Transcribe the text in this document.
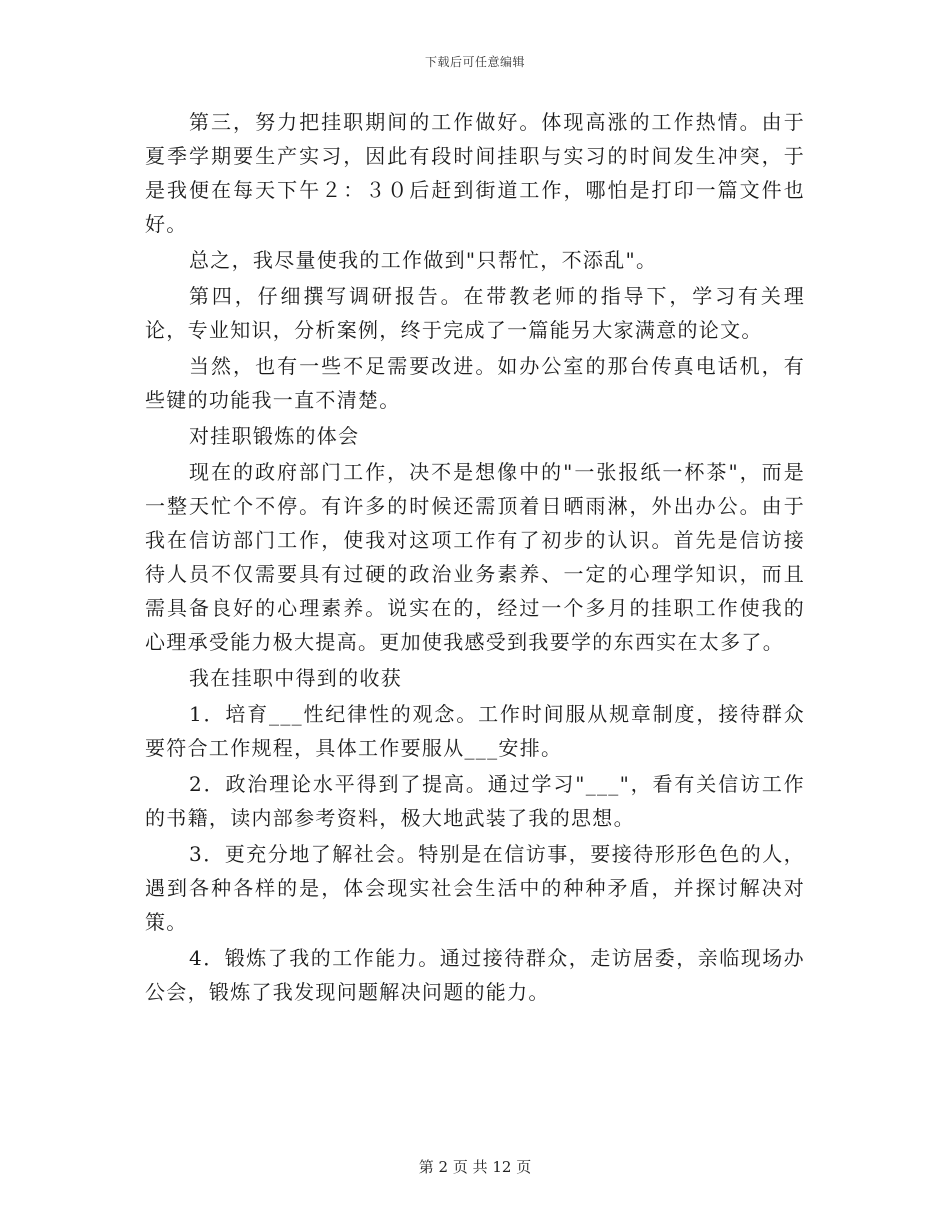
下载后可任意编辑

第三，努力把挂职期间的工作做好。体现高涨的工作热情。由于夏季学期要生产实习，因此有段时间挂职与实习的时间发生冲突，于是我便在每天下午２：３０后赶到街道工作，哪怕是打印一篇文件也好。

总之，我尽量使我的工作做到"只帮忙，不添乱"。

第四，仔细撰写调研报告。在带教老师的指导下，学习有关理论，专业知识，分析案例，终于完成了一篇能另大家满意的论文。

当然，也有一些不足需要改进。如办公室的那台传真电话机，有些键的功能我一直不清楚。

对挂职锻炼的体会

现在的政府部门工作，决不是想像中的"一张报纸一杯茶"，而是一整天忙个不停。有许多的时候还需顶着日晒雨淋，外出办公。由于我在信访部门工作，使我对这项工作有了初步的认识。首先是信访接待人员不仅需要具有过硬的政治业务素养、一定的心理学知识，而且需具备良好的心理素养。说实在的，经过一个多月的挂职工作使我的心理承受能力极大提高。更加使我感受到我要学的东西实在太多了。

我在挂职中得到的收获

1．培育___性纪律性的观念。工作时间服从规章制度，接待群众要符合工作规程，具体工作要服从___安排。

2．政治理论水平得到了提高。通过学习"___"，看有关信访工作的书籍，读内部参考资料，极大地武装了我的思想。

3．更充分地了解社会。特别是在信访事，要接待形形色色的人，遇到各种各样的是，体会现实社会生活中的种种矛盾，并探讨解决对策。

4．锻炼了我的工作能力。通过接待群众，走访居委，亲临现场办公会，锻炼了我发现问题解决问题的能力。

第 2 页 共 12 页
